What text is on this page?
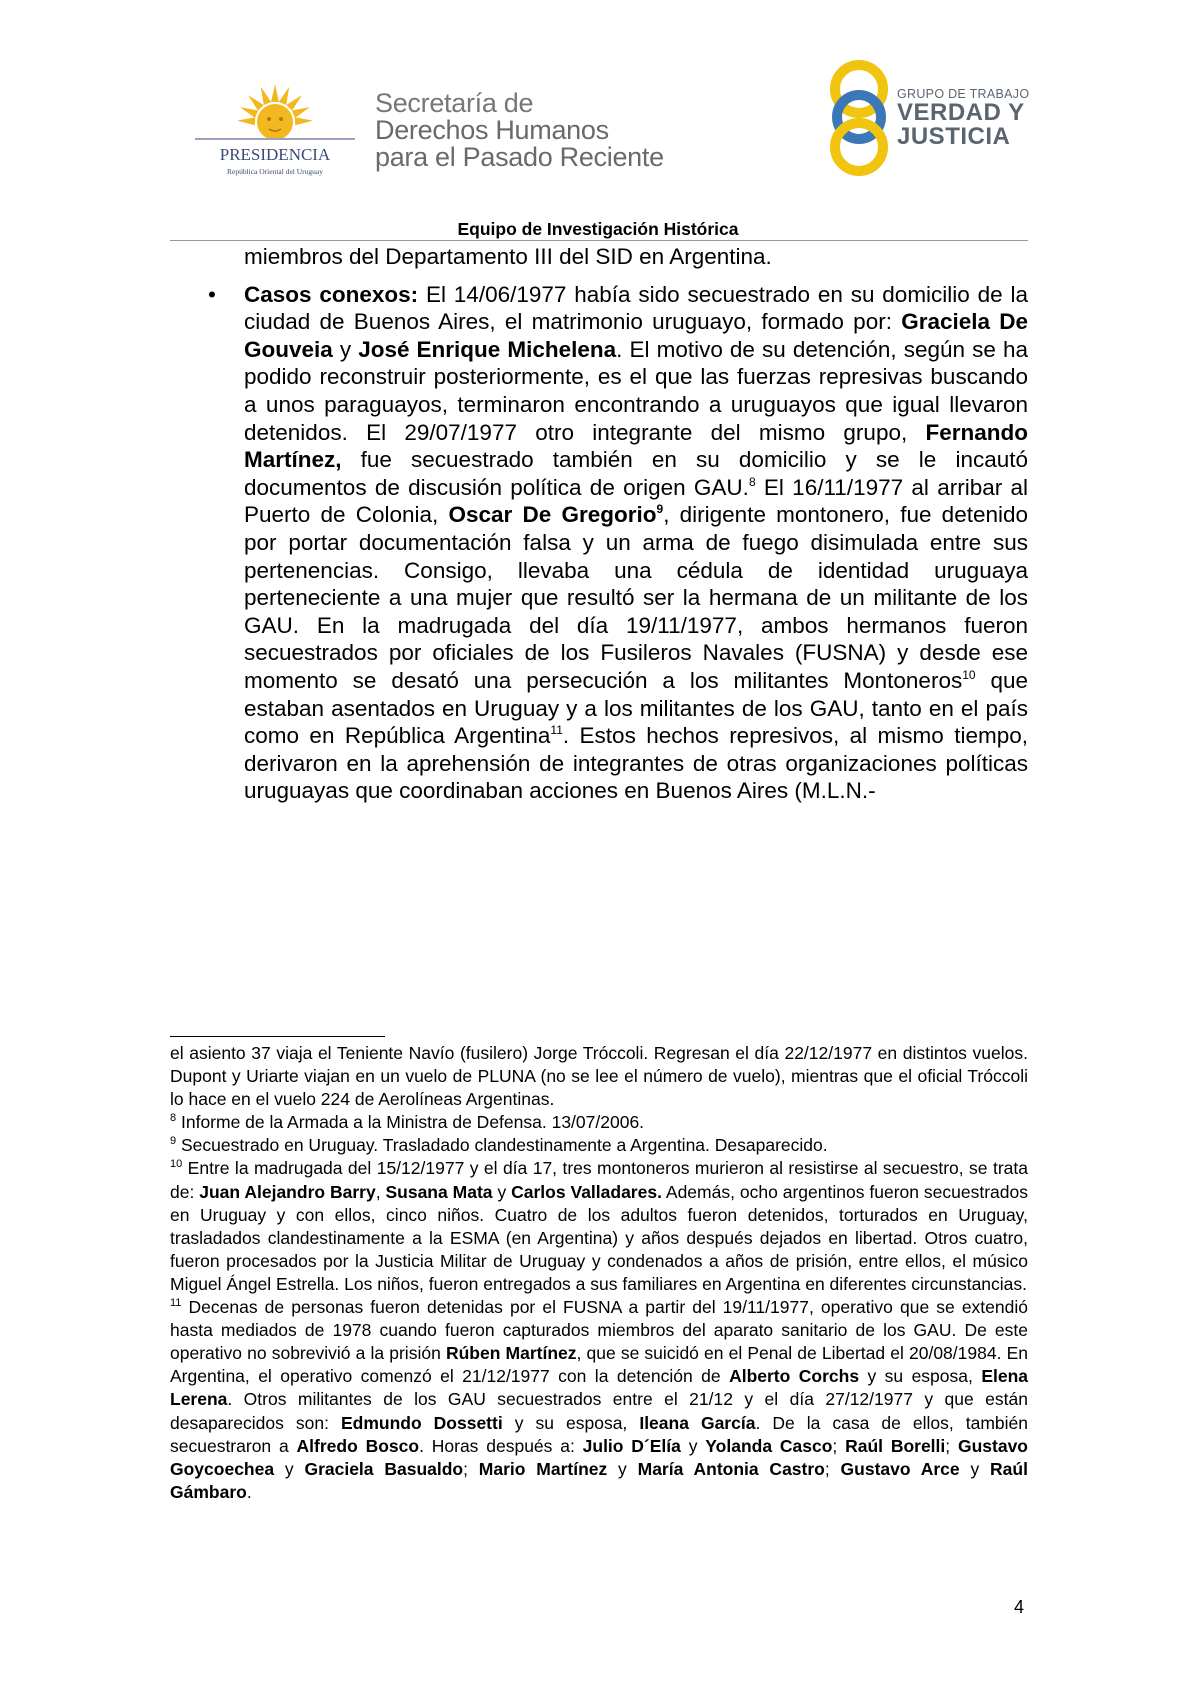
PRESIDENCIA
República Oriental del Uruguay
Secretaría de
Derechos Humanos
para el Pasado Reciente
GRUPO DE TRABAJO
VERDAD Y
JUSTICIA
Equipo de Investigación Histórica
miembros del Departamento III del SID en Argentina.
• Casos conexos: El 14/06/1977 había sido secuestrado en su domicilio de la ciudad de Buenos Aires, el matrimonio uruguayo, formado por: Graciela De Gouveia y José Enrique Michelena. El motivo de su detención, según se ha podido reconstruir posteriormente, es el que las fuerzas represivas buscando a unos paraguayos, terminaron encontrando a uruguayos que igual llevaron detenidos. El 29/07/1977 otro integrante del mismo grupo, Fernando Martínez, fue secuestrado también en su domicilio y se le incautó documentos de discusión política de origen GAU.$^8$ El 16/11/1977 al arribar al Puerto de Colonia, Oscar De Gregorio$^9$, dirigente montonero, fue detenido por portar documentación falsa y un arma de fuego disimulada entre sus pertenencias. Consigo, llevaba una cédula de identidad uruguaya perteneciente a una mujer que resultó ser la hermana de un militante de los GAU. En la madrugada del día 19/11/1977, ambos hermanos fueron secuestrados por oficiales de los Fusileros Navales (FUSNA) y desde ese momento se desató una persecución a los militantes Montoneros$^{10}$ que estaban asentados en Uruguay y a los militantes de los GAU, tanto en el país como en República Argentina$^{11}$. Estos hechos represivos, al mismo tiempo, derivaron en la aprehensión de integrantes de otras organizaciones políticas uruguayas que coordinaban acciones en Buenos Aires (M.L.N.-

el asiento 37 viaja el Teniente Navío (fusilero) Jorge Tróccoli. Regresan el día 22/12/1977 en distintos vuelos. Dupont y Uriarte viajan en un vuelo de PLUNA (no se lee el número de vuelo), mientras que el oficial Tróccoli lo hace en el vuelo 224 de Aerolíneas Argentinas.

$^8$ Informe de la Armada a la Ministra de Defensa. 13/07/2006.

$^9$ Secuestrado en Uruguay. Trasladado clandestinamente a Argentina. Desaparecido.

$^{10}$ Entre la madrugada del 15/12/1977 y el día 17, tres montoneros murieron al resistirse al secuestro, se trata de: Juan Alejandro Barry, Susana Mata y Carlos Valladares. Además, ocho argentinos fueron secuestrados en Uruguay y con ellos, cinco niños. Cuatro de los adultos fueron detenidos, torturados en Uruguay, trasladados clandestinamente a la ESMA (en Argentina) y años después dejados en libertad. Otros cuatro, fueron procesados por la Justicia Militar de Uruguay y condenados a años de prisión, entre ellos, el músico Miguel Ángel Estrella. Los niños, fueron entregados a sus familiares en Argentina en diferentes circunstancias.

$^{11}$ Decenas de personas fueron detenidas por el FUSNA a partir del 19/11/1977, operativo que se extendió hasta mediados de 1978 cuando fueron capturados miembros del aparato sanitario de los GAU. De este operativo no sobrevivió a la prisión Rúben Martínez, que se suicidó en el Penal de Libertad el 20/08/1984. En Argentina, el operativo comenzó el 21/12/1977 con la detención de Alberto Corchs y su esposa, Elena Lerena. Otros militantes de los GAU secuestrados entre el 21/12 y el día 27/12/1977 y que están desaparecidos son: Edmundo Dossetti y su esposa, Ileana García. De la casa de ellos, también secuestraron a Alfredo Bosco. Horas después a: Julio D´Elía y Yolanda Casco; Raúl Borelli; Gustavo Goycoechea y Graciela Basualdo; Mario Martínez y María Antonia Castro; Gustavo Arce y Raúl Gámbaro.

4
